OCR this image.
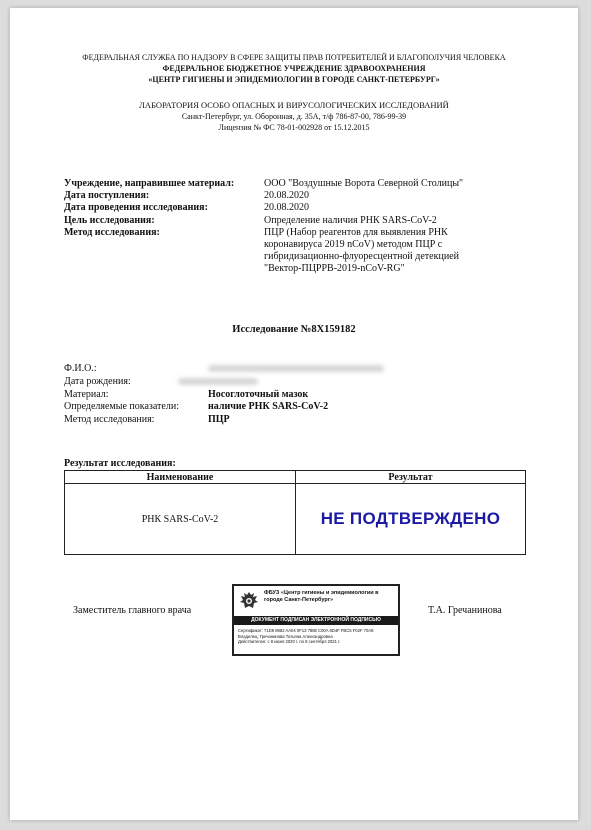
ФЕДЕРАЛЬНАЯ СЛУЖБА ПО НАДЗОРУ В СФЕРЕ ЗАЩИТЫ ПРАВ ПОТРЕБИТЕЛЕЙ И БЛАГОПОЛУЧИЯ ЧЕЛОВЕКА
ФЕДЕРАЛЬНОЕ БЮДЖЕТНОЕ УЧРЕЖДЕНИЕ ЗДРАВООХРАНЕНИЯ
«ЦЕНТР ГИГИЕНЫ И ЭПИДЕМИОЛОГИИ В ГОРОДЕ САНКТ-ПЕТЕРБУРГ»
ЛАБОРАТОРИЯ ОСОБО ОПАСНЫХ И ВИРУСОЛОГИЧЕСКИХ ИССЛЕДОВАНИЙ
Санкт-Петербург, ул. Оборонная, д. 35А, т/ф 786-87-00, 786-99-39
Лицензия № ФС 78-01-002928 от 15.12.2015
Учреждение, направившее материал:	ООО "Воздушные Ворота Северной Столицы"
Дата поступления:	20.08.2020
Дата проведения исследования:	20.08.2020
Цель исследования:	Определение наличия РНК SARS-CoV-2
Метод исследования:	ПЦР (Набор реагентов для выявления РНК коронавируса 2019 nCoV) методом ПЦР с гибридизационно-флуоресцентной детекцией "Вектор-ПЦРРВ-2019-nCoV-RG"
Исследование №8X159182
Ф.И.О.:
Дата рождения:
Материал:	Носоглоточный мазок
Определяемые показатели:	наличие РНК SARS-CoV-2
Метод исследования:	ПЦР
Результат исследования:
Наименование	Результат
РНК SARS-CoV-2	НЕ ПОДТВЕРЖДЕНО
Заместитель главного врача
ФБУЗ «Центр гигиены и эпидемиологии в городе Санкт-Петербург»
ДОКУМЕНТ ПОДПИСАН ЭЛЕКТРОННОЙ ПОДПИСЬЮ
Сертификат: 71D9 8982 AA04 0F13 7886 C00A 6D4F FBC5 F02F 70A8
Владелец: Гречанинова Татьяна Александровна
Действителен: с 8 июня 2020 г. по 8 сентября 2021 г.
Т.А. Гречанинова
